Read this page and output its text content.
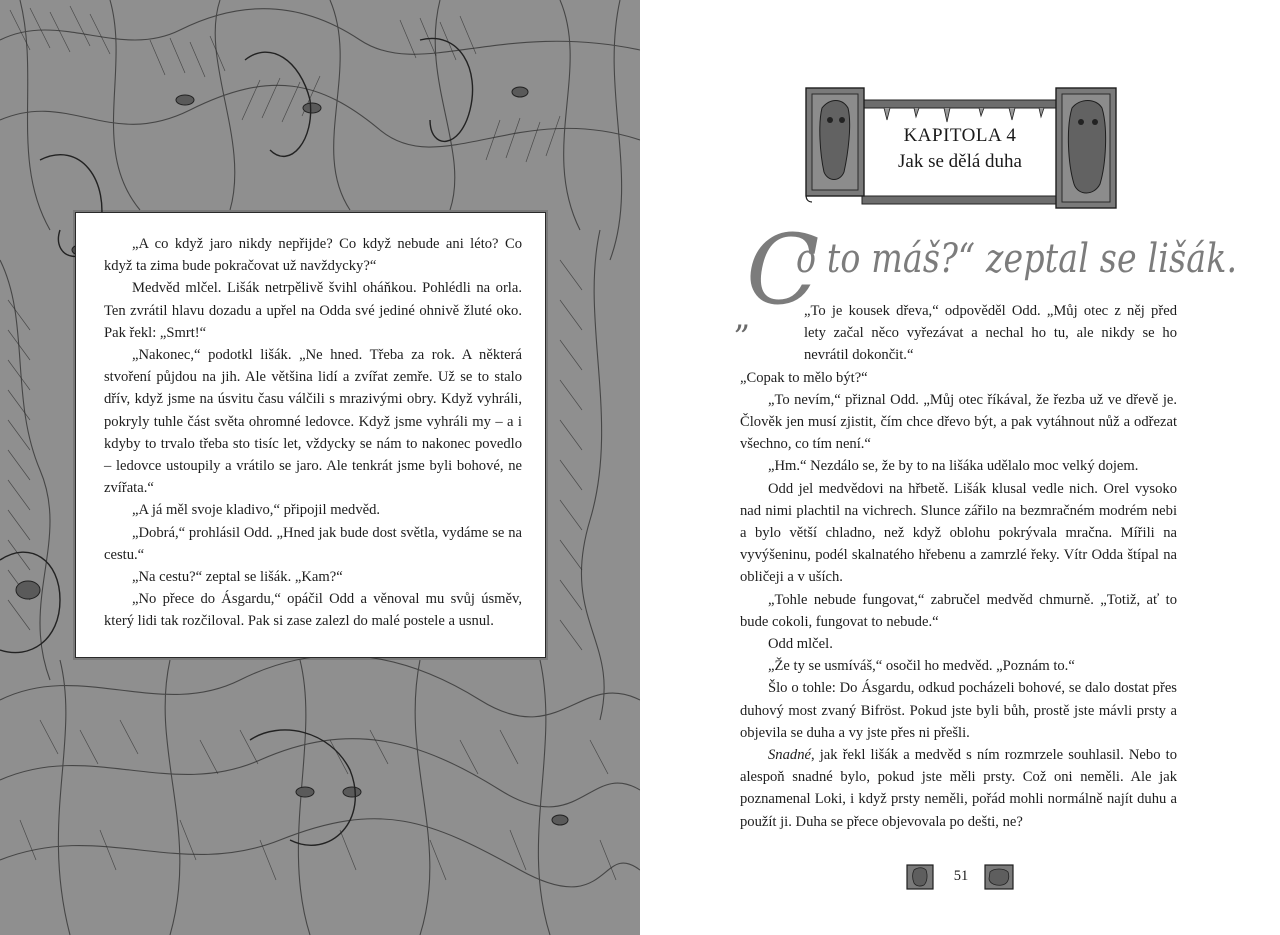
„A co když jaro nikdy nepřijde? Co když nebude ani léto? Co když ta zima bude pokračovat už navždycky?“

Medvěd mlčel. Lišák netrpělivě švihl oháňkou. Pohlédli na orla. Ten zvrátil hlavu dozadu a upřel na Odda své jediné ohnivě žluté oko. Pak řekl: „Smrt!“

„Nakonec,“ podotkl lišák. „Ne hned. Třeba za rok. A některá stvoření půjdou na jih. Ale většina lidí a zvířat zemře. Už se to stalo dřív, když jsme na úsvitu času válčili s mrazivými obry. Když vyhráli, pokryly tuhle část světa ohromné ledovce. Když jsme vyhráli my – a i kdyby to trvalo třeba sto tisíc let, vždycky se nám to nakonec povedlo – ledovce ustoupily a vrátilo se jaro. Ale tenkrát jsme byli bohové, ne zvířata.“

„A já měl svoje kladivo,“ připojil medvěd.

„Dobrá,“ prohlásil Odd. „Hned jak bude dost světla, vydáme se na cestu.“

„Na cestu?“ zeptal se lišák. „Kam?“

„No přece do Ásgardu,“ opáčil Odd a věnoval mu svůj úsměv, který lidi tak rozčiloval. Pak si zase zalezl do malé postele a usnul.

KAPITOLA 4
Jak se dělá duha
„
C
o to máš?“ zeptal se lišák.

„To je kousek dřeva,“ odpověděl Odd. „Můj otec z něj před lety začal něco vyřezávat a nechal ho tu, ale nikdy se ho nevrátil dokončit.“

„Copak to mělo být?“

„To nevím,“ přiznal Odd. „Můj otec říkával, že řezba už ve dřevě je. Člověk jen musí zjistit, čím chce dřevo být, a pak vytáhnout nůž a odřezat všechno, co tím není.“

„Hm.“ Nezdálo se, že by to na lišáka udělalo moc velký dojem.

Odd jel medvědovi na hřbetě. Lišák klusal vedle nich. Orel vysoko nad nimi plachtil na vichrech. Slunce zářilo na bezmračném modrém nebi a bylo větší chladno, než když oblohu pokrývala mračna. Mířili na vyvýšeninu, podél skalnatého hřebenu a zamrzlé řeky. Vítr Odda štípal na obličeji a v uších.

„Tohle nebude fungovat,“ zabručel medvěd chmurně. „Totiž, ať to bude cokoli, fungovat to nebude.“

Odd mlčel.

„Že ty se usmíváš,“ osočil ho medvěd. „Poznám to.“

Šlo o tohle: Do Ásgardu, odkud pocházeli bohové, se dalo dostat přes duhový most zvaný Bifröst. Pokud jste byli bůh, prostě jste mávli prsty a objevila se duha a vy jste přes ni přešli.

Snadné, jak řekl lišák a medvěd s ním rozmrzele souhlasil. Nebo to alespoň snadné bylo, pokud jste měli prsty. Což oni neměli. Ale jak poznamenal Loki, i když prsty neměli, pořád mohli normálně najít duhu a použít ji. Duha se přece objevovala po dešti, ne?

51
